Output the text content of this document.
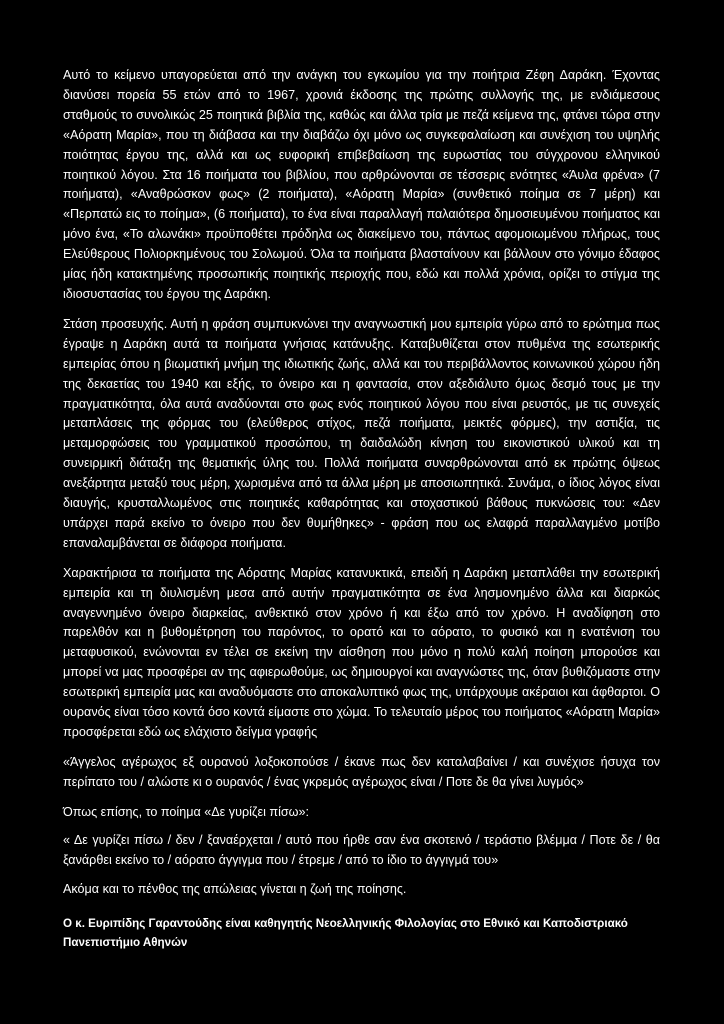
Αυτό το κείμενο υπαγορεύεται από την ανάγκη του εγκωμίου για την ποιήτρια Ζέφη Δαράκη. Έχοντας διανύσει πορεία 55 ετών από το 1967, χρονιά έκδοσης της πρώτης συλλογής της, με ενδιάμεσους σταθμούς το συνολικώς 25 ποιητικά βιβλία της, καθώς και άλλα τρία με πεζά κείμενα της, φτάνει τώρα στην «Αόρατη Μαρία», που τη διάβασα και την διαβάζω όχι μόνο ως συγκεφαλαίωση και συνέχιση του υψηλής ποιότητας έργου της, αλλά και ως ευφορική επιβεβαίωση της ευρωστίας του σύγχρονου ελληνικού ποιητικού λόγου. Στα 16 ποιήματα του βιβλίου, που αρθρώνονται σε τέσσερις ενότητες «Άυλα φρένα» (7 ποιήματα), «Αναθρώσκον φως» (2 ποιήματα), «Αόρατη Μαρία» (συνθετικό ποίημα σε 7 μέρη) και «Περπατώ εις το ποίημα», (6 ποιήματα), το ένα είναι παραλλαγή παλαιότερα δημοσιευμένου ποιήματος και μόνο ένα, «Το αλωνάκι» προϋποθέτει πρόδηλα ως διακείμενο του, πάντως αφομοιωμένου πλήρως, τους Ελεύθερους Πολιορκημένους του Σολωμού. Όλα τα ποιήματα βλασταίνουν και βάλλουν στο γόνιμο έδαφος μίας ήδη κατακτημένης προσωπικής ποιητικής περιοχής που, εδώ και πολλά χρόνια, ορίζει το στίγμα της ιδιοσυστασίας του έργου της Δαράκη.

Στάση προσευχής. Αυτή η φράση συμπυκνώνει την αναγνωστική μου εμπειρία γύρω από το ερώτημα πως έγραψε η Δαράκη αυτά τα ποιήματα γνήσιας κατάνυξης. Καταβυθίζεται στον πυθμένα της εσωτερικής εμπειρίας όπου η βιωματική μνήμη της ιδιωτικής ζωής, αλλά και του περιβάλλοντος κοινωνικού χώρου ήδη της δεκαετίας του 1940 και εξής, το όνειρο και η φαντασία, στον αξεδιάλυτο όμως δεσμό τους με την πραγματικότητα, όλα αυτά αναδύονται στο φως ενός ποιητικού λόγου που είναι ρευστός, με τις συνεχείς μεταπλάσεις της φόρμας του (ελεύθερος στίχος, πεζά ποιήματα, μεικτές φόρμες), την αστιξία, τις μεταμορφώσεις του γραμματικού προσώπου, τη δαιδαλώδη κίνηση του εικονιστικού υλικού και τη συνειρμική διάταξη της θεματικής ύλης του. Πολλά ποιήματα συναρθρώνονται από εκ πρώτης όψεως ανεξάρτητα μεταξύ τους μέρη, χωρισμένα από τα άλλα μέρη με αποσιωπητικά. Συνάμα, ο ίδιος λόγος είναι διαυγής, κρυσταλλωμένος στις ποιητικές καθαρότητας και στοχαστικού βάθους πυκνώσεις του: «Δεν υπάρχει παρά εκείνο το όνειρο που δεν θυμήθηκες» - φράση που ως ελαφρά παραλλαγμένο μοτίβο επαναλαμβάνεται σε διάφορα ποιήματα.

Χαρακτήρισα τα ποιήματα της Αόρατης Μαρίας κατανυκτικά, επειδή η Δαράκη μεταπλάθει την εσωτερική εμπειρία και τη διυλισμένη μεσα από αυτήν πραγματικότητα σε ένα λησμονημένο άλλα και διαρκώς αναγεννημένο όνειρο διαρκείας, ανθεκτικό στον χρόνο ή και έξω από τον χρόνο. Η αναδίφηση στο παρελθόν και η βυθομέτρηση του παρόντος, το ορατό και το αόρατο, το φυσικό και η ενατένιση του μεταφυσικού, ενώνονται εν τέλει σε εκείνη την αίσθηση που μόνο η πολύ καλή ποίηση μπορούσε και μπορεί να μας προσφέρει αν της αφιερωθούμε, ως δημιουργοί και αναγνώστες της, όταν βυθιζόμαστε στην εσωτερική εμπειρία μας και αναδυόμαστε στο αποκαλυπτικό φως της, υπάρχουμε ακέραιοι και άφθαρτοι. Ο ουρανός είναι τόσο κοντά όσο κοντά είμαστε στο χώμα. Το τελευταίο μέρος του ποιήματος «Αόρατη Μαρία» προσφέρεται εδώ ως ελάχιστο δείγμα γραφής

«Άγγελος αγέρωχος εξ ουρανού λοξοκοπούσε / έκανε πως δεν καταλαβαίνει / και συνέχισε ήσυχα τον περίπατο του / αλώστε κι ο ουρανός / ένας γκρεμός αγέρωχος είναι / Ποτε δε θα γίνει λυγμός»

Όπως επίσης, το ποίημα «Δε γυρίζει πίσω»:

« Δε γυρίζει πίσω / δεν / ξαναέρχεται / αυτό που ήρθε σαν ένα σκοτεινό / τεράστιο βλέμμα / Ποτε δε / θα ξανάρθει εκείνο το / αόρατο άγγιγμα που / έτρεμε / από το ίδιο το άγγιγμά του»

Ακόμα και το πένθος της απώλειας γίνεται η ζωή της ποίησης.

Ο κ. Ευριπίδης Γαραντούδης είναι καθηγητής Νεοελληνικής Φιλολογίας στο Εθνικό και Καποδιστριακό Πανεπιστήμιο Αθηνών
